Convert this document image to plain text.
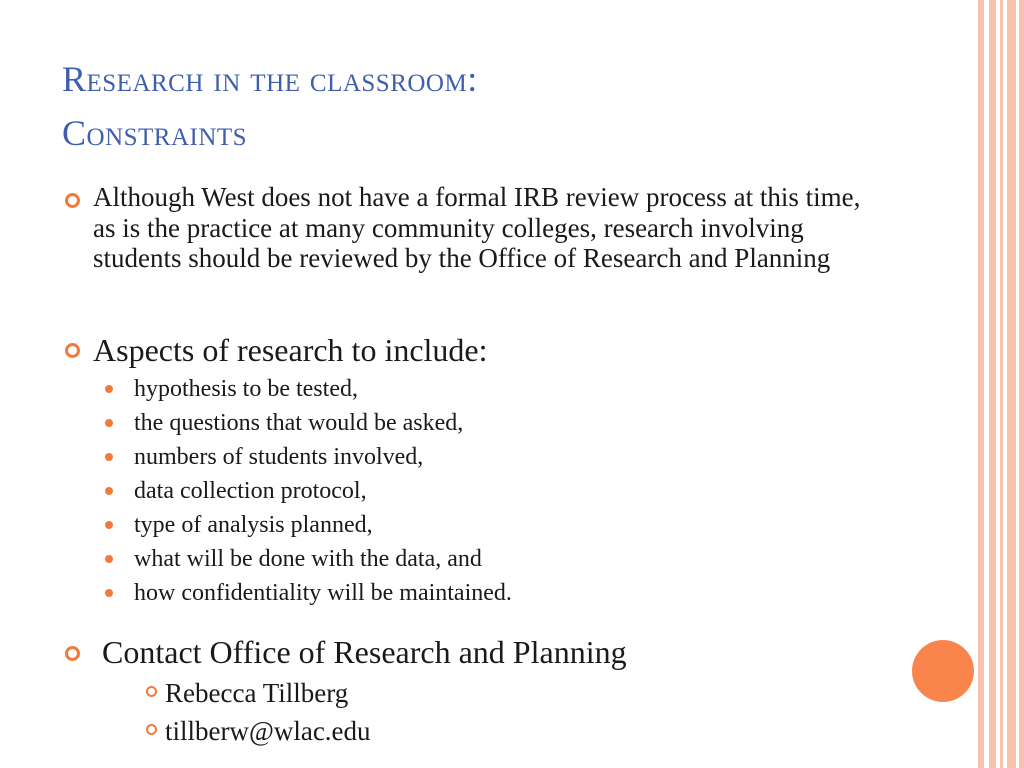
Research in the classroom:
Constraints

Although West does not have a formal IRB review process at this time, as is the practice at many community colleges, research involving students should be reviewed by the Office of Research and Planning

Aspects of research to include:

hypothesis to be tested,
the questions that would be asked,
numbers of students involved,
data collection protocol,
type of analysis planned,
what will be done with the data, and
how confidentiality will be maintained.

Contact Office of Research and Planning

Rebecca Tillberg

tillberw@wlac.edu
